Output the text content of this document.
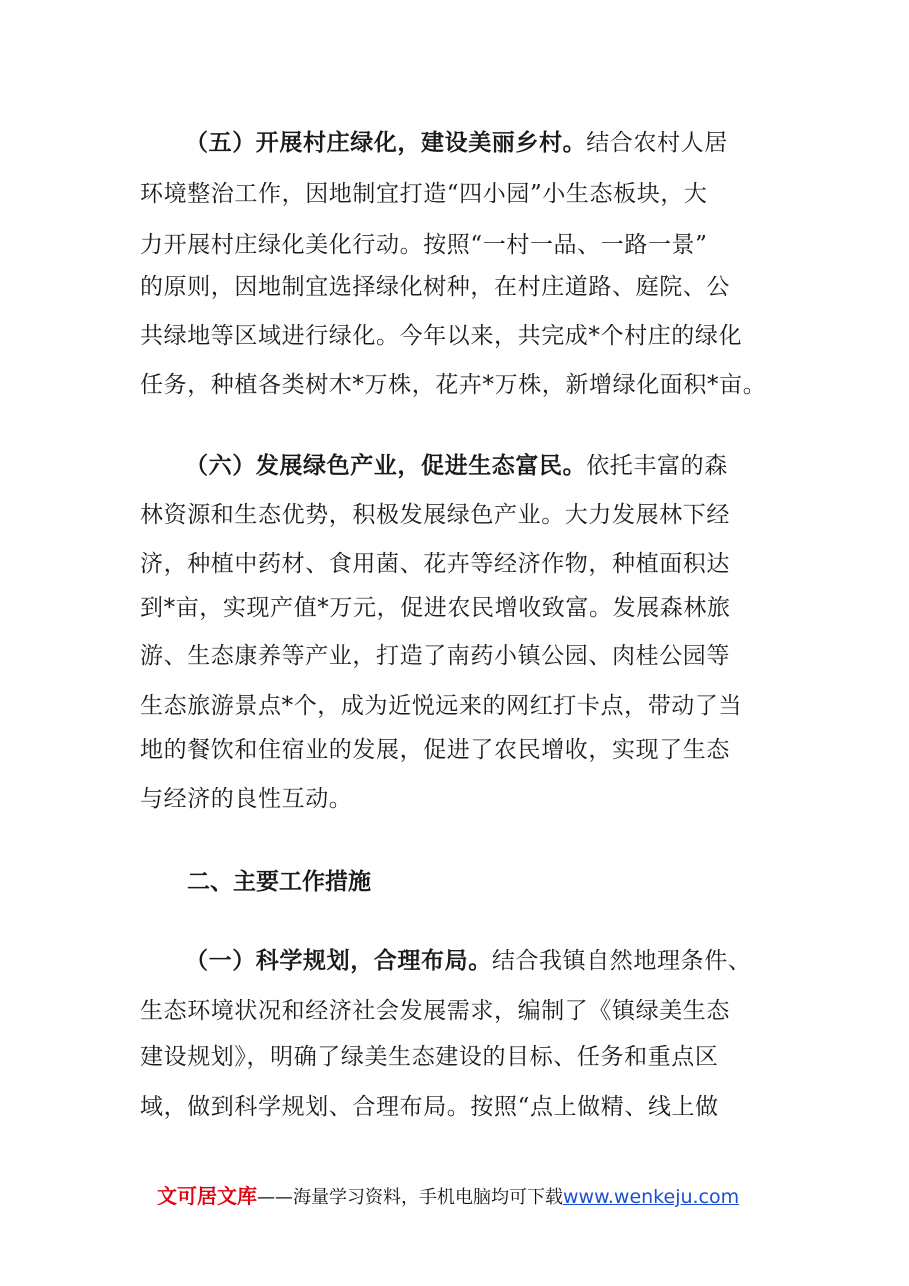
（五）开展村庄绿化，建设美丽乡村。结合农村人居
环境整治工作，因地制宜打造“四小园”小生态板块，大
力开展村庄绿化美化行动。按照“一村一品、一路一景”
的原则，因地制宜选择绿化树种，在村庄道路、庭院、公
共绿地等区域进行绿化。今年以来，共完成*个村庄的绿化
任务，种植各类树木*万株，花卉*万株，新增绿化面积*亩。
（六）发展绿色产业，促进生态富民。依托丰富的森
林资源和生态优势，积极发展绿色产业。大力发展林下经
济，种植中药材、食用菌、花卉等经济作物，种植面积达
到*亩，实现产值*万元，促进农民增收致富。发展森林旅
游、生态康养等产业，打造了南药小镇公园、肉桂公园等
生态旅游景点*个，成为近悦远来的网红打卡点，带动了当
地的餐饮和住宿业的发展，促进了农民增收，实现了生态
与经济的良性互动。
二、主要工作措施
（一）科学规划，合理布局。结合我镇自然地理条件、
生态环境状况和经济社会发展需求，编制了《镇绿美生态
建设规划》，明确了绿美生态建设的目标、任务和重点区
域，做到科学规划、合理布局。按照“点上做精、线上做
文可居文库——海量学习资料，手机电脑均可下载www.wenkeju.com
